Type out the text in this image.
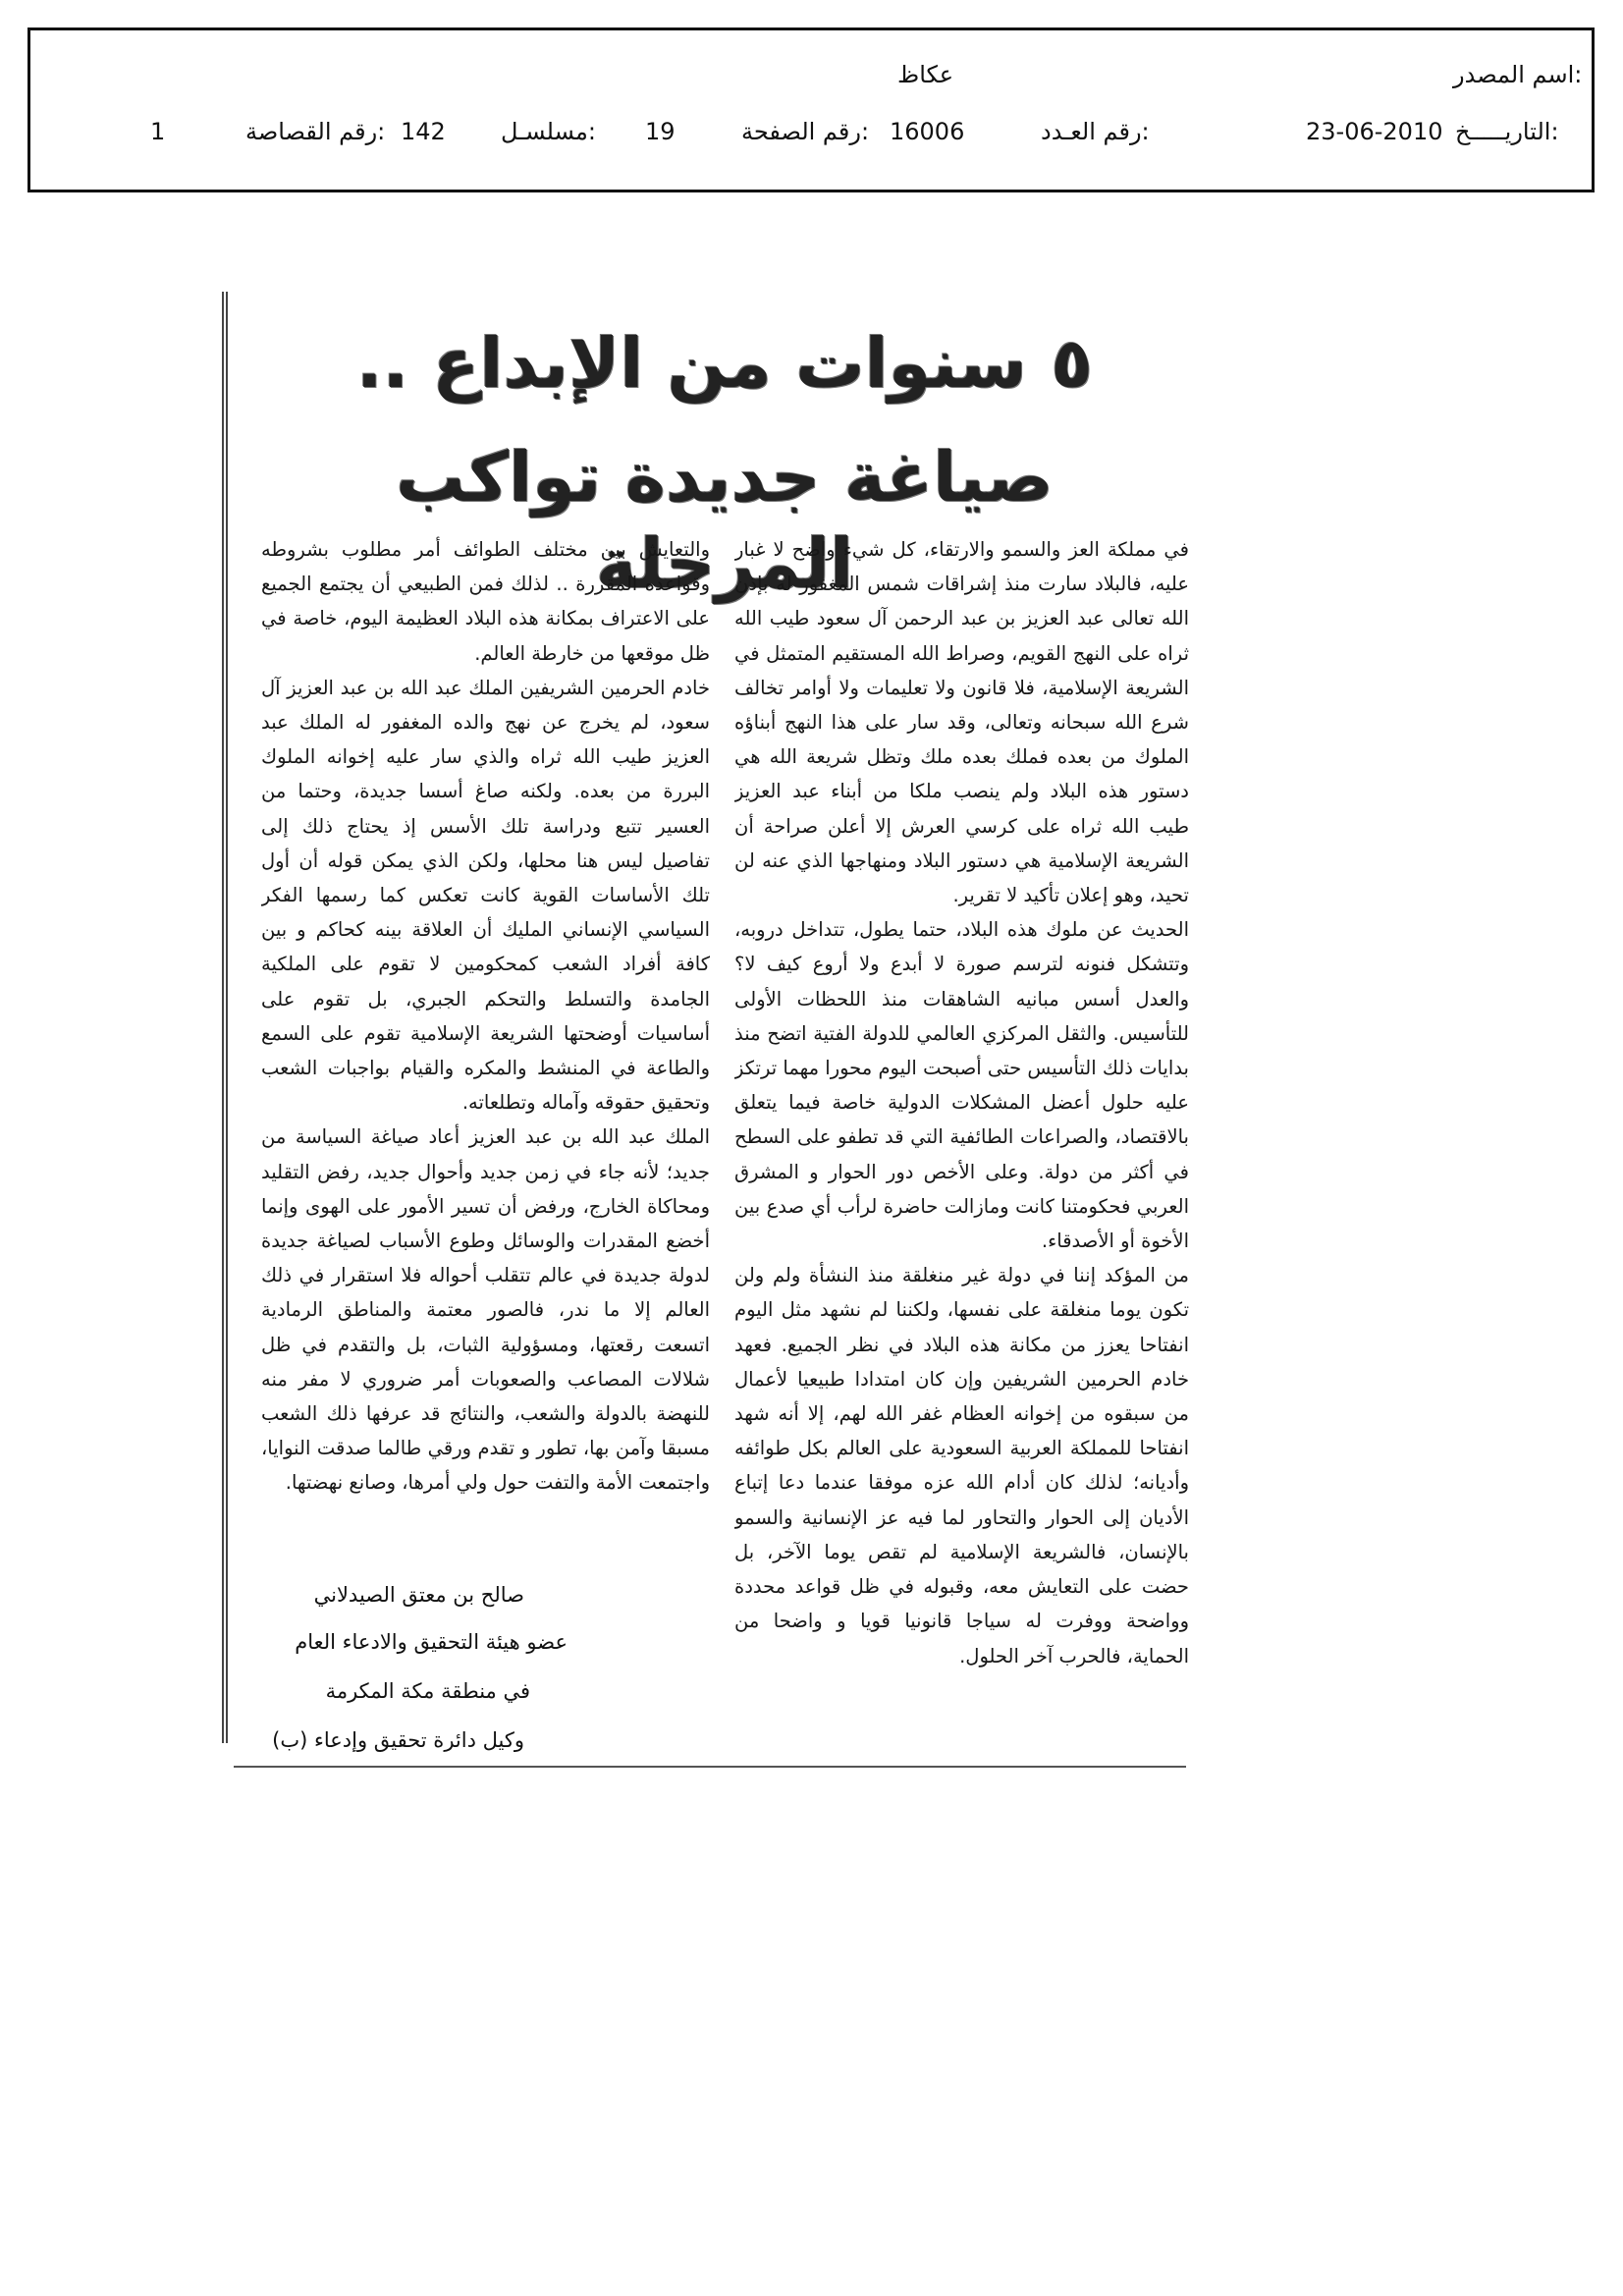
اسم المصدر:
عكاظ
التاريـــــخ:
23-06-2010
رقم العـدد:
16006
رقم الصفحة:
19
مسلسـل:
142
رقم القصاصة:
1
٥ سنوات من الإبداع ..
صياغة جديدة تواكب المرحلة

في مملكة العز والسمو والارتقاء، كل شيء واضح لا غبار عليه، فالبلاد سارت منذ إشراقات شمس المغفور له بإذن الله تعالى عبد العزيز بن عبد الرحمن آل سعود طيب الله ثراه على النهج القويم، وصراط الله المستقيم المتمثل في الشريعة الإسلامية، فلا قانون ولا تعليمات ولا أوامر تخالف شرع الله سبحانه وتعالى، وقد سار على هذا النهج أبناؤه الملوك من بعده فملك بعده ملك وتظل شريعة الله هي دستور هذه البلاد ولم ينصب ملكا من أبناء عبد العزيز طيب الله ثراه على كرسي العرش إلا أعلن صراحة أن الشريعة الإسلامية هي دستور البلاد ومنهاجها الذي عنه لن تحيد، وهو إعلان تأكيد لا تقرير.

الحديث عن ملوك هذه البلاد، حتما يطول، تتداخل دروبه، وتتشكل فنونه لترسم صورة لا أبدع ولا أروع كيف لا؟ والعدل أسس مبانيه الشاهقات منذ اللحظات الأولى للتأسيس. والثقل المركزي العالمي للدولة الفتية اتضح منذ بدايات ذلك التأسيس حتى أصبحت اليوم محورا مهما ترتكز عليه حلول أعضل المشكلات الدولية خاصة فيما يتعلق بالاقتصاد، والصراعات الطائفية التي قد تطفو على السطح في أكثر من دولة. وعلى الأخص دور الحوار و المشرق العربي فحكومتنا كانت ومازالت حاضرة لرأب أي صدع بين الأخوة أو الأصدقاء.

من المؤكد إننا في دولة غير منغلقة منذ النشأة ولم ولن تكون يوما منغلقة على نفسها، ولكننا لم نشهد مثل اليوم انفتاحا يعزز من مكانة هذه البلاد في نظر الجميع. فعهد خادم الحرمين الشريفين وإن كان امتدادا طبيعيا لأعمال من سبقوه من إخوانه العظام غفر الله لهم، إلا أنه شهد انفتاحا للمملكة العربية السعودية على العالم بكل طوائفه وأديانه؛ لذلك كان أدام الله عزه موفقا عندما دعا إتباع الأديان إلى الحوار والتحاور لما فيه عز الإنسانية والسمو بالإنسان، فالشريعة الإسلامية لم تقص يوما الآخر، بل حضت على التعايش معه، وقبوله في ظل قواعد محددة وواضحة ووفرت له سياجا قانونيا قويا و واضحا من الحماية، فالحرب آخر الحلول.

والتعايش بين مختلف الطوائف أمر مطلوب بشروطه وقواعده المقررة .. لذلك فمن الطبيعي أن يجتمع الجميع على الاعتراف بمكانة هذه البلاد العظيمة اليوم، خاصة في ظل موقعها من خارطة العالم.

خادم الحرمين الشريفين الملك عبد الله بن عبد العزيز آل سعود، لم يخرج عن نهج والده المغفور له الملك عبد العزيز طيب الله ثراه والذي سار عليه إخوانه الملوك البررة من بعده. ولكنه صاغ أسسا جديدة، وحتما من العسير تتبع ودراسة تلك الأسس إذ يحتاج ذلك إلى تفاصيل ليس هنا محلها، ولكن الذي يمكن قوله أن أول تلك الأساسات القوية كانت تعكس كما رسمها الفكر السياسي الإنساني المليك أن العلاقة بينه كحاكم و بين كافة أفراد الشعب كمحكومين لا تقوم على الملكية الجامدة والتسلط والتحكم الجبري، بل تقوم على أساسيات أوضحتها الشريعة الإسلامية تقوم على السمع والطاعة في المنشط والمكره والقيام بواجبات الشعب وتحقيق حقوقه وآماله وتطلعاته.

الملك عبد الله بن عبد العزيز أعاد صياغة السياسة من جديد؛ لأنه جاء في زمن جديد وأحوال جديد، رفض التقليد ومحاكاة الخارج، ورفض أن تسير الأمور على الهوى وإنما أخضع المقدرات والوسائل وطوع الأسباب لصياغة جديدة لدولة جديدة في عالم تتقلب أحواله فلا استقرار في ذلك العالم إلا ما ندر، فالصور معتمة والمناطق الرمادية اتسعت رقعتها، ومسؤولية الثبات، بل والتقدم في ظل شلالات المصاعب والصعوبات أمر ضروري لا مفر منه للنهضة بالدولة والشعب، والنتائج قد عرفها ذلك الشعب مسبقا وآمن بها، تطور و تقدم ورقي طالما صدقت النوايا، واجتمعت الأمة والتفت حول ولي أمرها، وصانع نهضتها.

صالح بن معتق الصيدلاني
عضو هيئة التحقيق والادعاء العام
في منطقة مكة المكرمة
وكيل دائرة تحقيق وإدعاء (ب)
